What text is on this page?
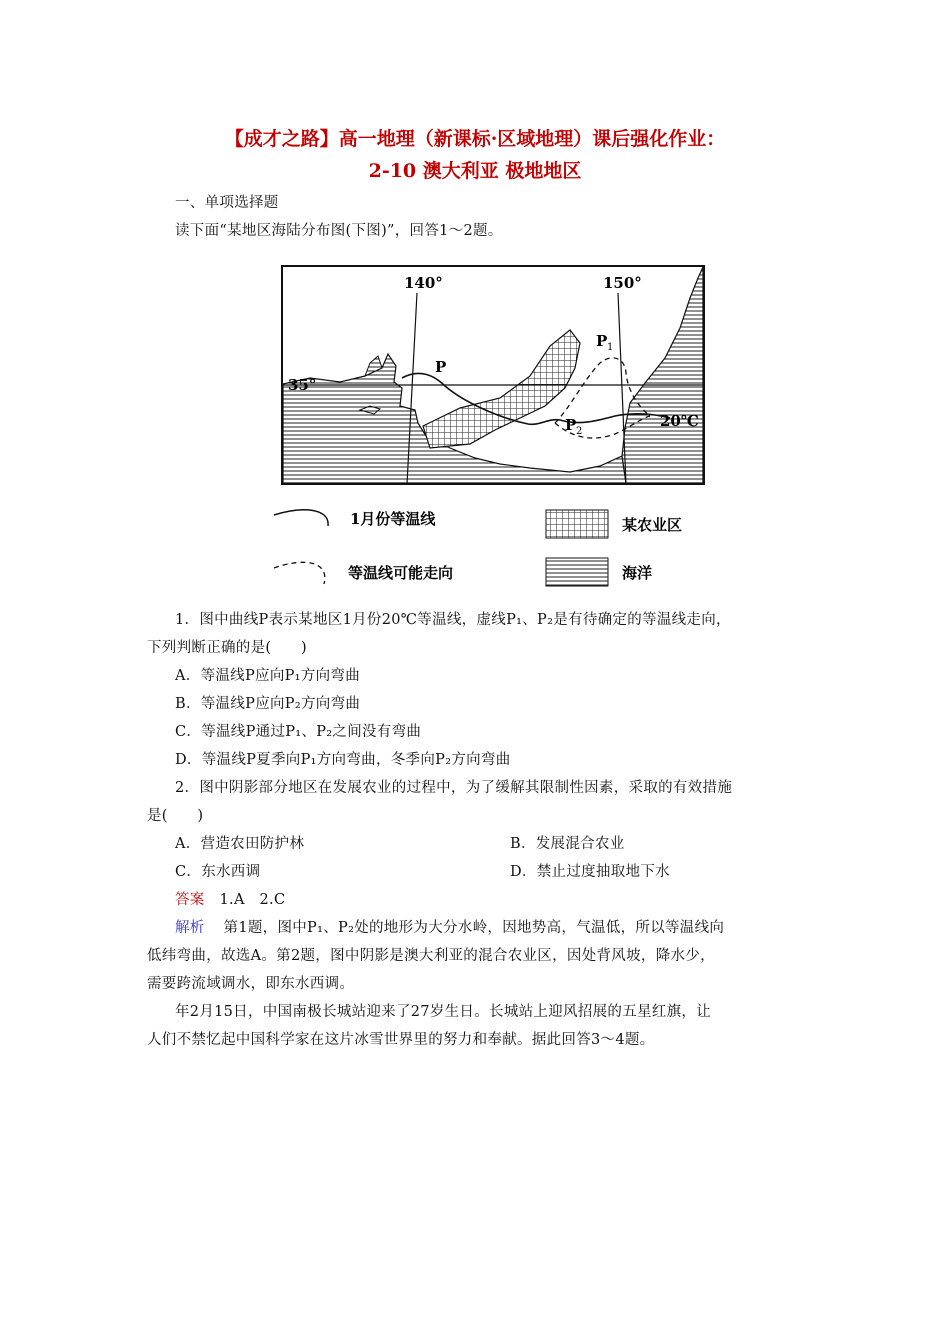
【成才之路】高一地理（新课标·区域地理）课后强化作业：
2-10 澳大利亚 极地地区
一、单项选择题
读下面“某地区海陆分布图(下图)”，回答1～2题。
140°	150°
35°
P
P 1
P 2
20℃
1月份等温线	某农业区
等温线可能走向	海洋
1．图中曲线P表示某地区1月份20℃等温线，虚线P₁、P₂是有待确定的等温线走向，
下列判断正确的是(　　)
A．等温线P应向P₁方向弯曲
B．等温线P应向P₂方向弯曲
C．等温线P通过P₁、P₂之间没有弯曲
D．等温线P夏季向P₁方向弯曲，冬季向P₂方向弯曲
2．图中阴影部分地区在发展农业的过程中，为了缓解其限制性因素，采取的有效措施
是(　　)
A．营造农田防护林	B．发展混合农业
C．东水西调	D．禁止过度抽取地下水
答案 1.A　2.C
解析 第1题，图中P₁、P₂处的地形为大分水岭，因地势高，气温低，所以等温线向
低纬弯曲，故选A。第2题，图中阴影是澳大利亚的混合农业区，因处背风坡，降水少，
需要跨流域调水，即东水西调。
年2月15日，中国南极长城站迎来了27岁生日。长城站上迎风招展的五星红旗，让
人们不禁忆起中国科学家在这片冰雪世界里的努力和奉献。据此回答3～4题。
